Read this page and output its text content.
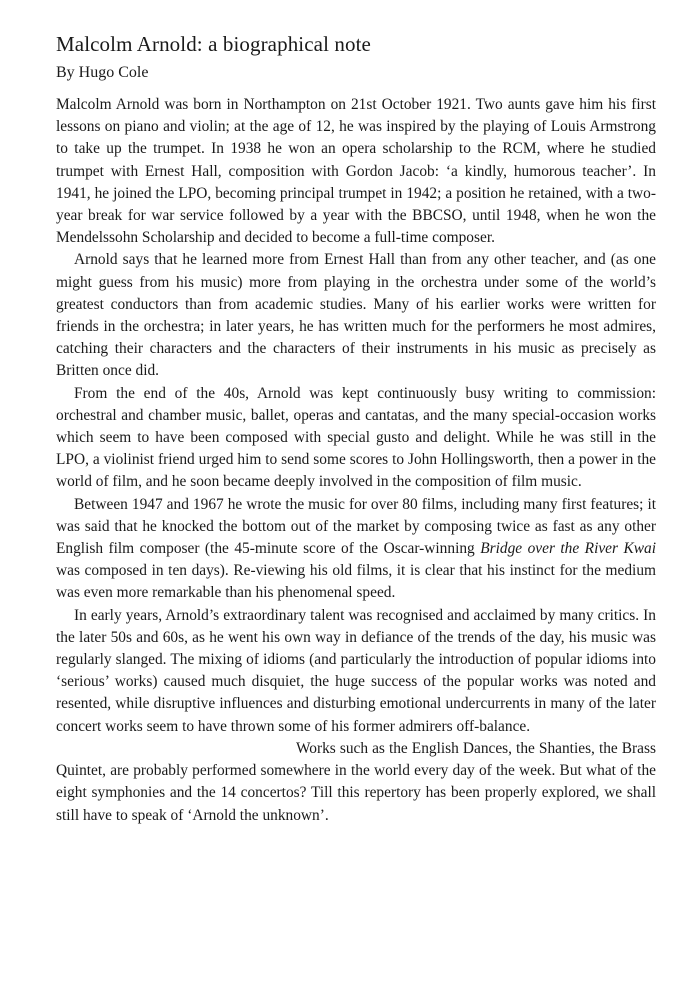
Malcolm Arnold: a biographical note
By Hugo Cole

Malcolm Arnold was born in Northampton on 21st October 1921. Two aunts gave him his first lessons on piano and violin; at the age of 12, he was inspired by the playing of Louis Armstrong to take up the trumpet. In 1938 he won an opera scholarship to the RCM, where he studied trumpet with Ernest Hall, composition with Gordon Jacob: ‘a kindly, humorous teacher’. In 1941, he joined the LPO, becoming principal trumpet in 1942; a position he retained, with a two-year break for war service followed by a year with the BBCSO, until 1948, when he won the Mendelssohn Scholarship and decided to become a full-time composer.

Arnold says that he learned more from Ernest Hall than from any other teacher, and (as one might guess from his music) more from playing in the orchestra under some of the world’s greatest conductors than from academic studies. Many of his earlier works were written for friends in the orchestra; in later years, he has written much for the performers he most admires, catching their characters and the characters of their instruments in his music as precisely as Britten once did.

From the end of the 40s, Arnold was kept continuously busy writing to commission: orchestral and chamber music, ballet, operas and cantatas, and the many special-occasion works which seem to have been composed with special gusto and delight. While he was still in the LPO, a violinist friend urged him to send some scores to John Hollingsworth, then a power in the world of film, and he soon became deeply involved in the composition of film music.

Between 1947 and 1967 he wrote the music for over 80 films, including many first features; it was said that he knocked the bottom out of the market by composing twice as fast as any other English film composer (the 45-minute score of the Oscar-winning Bridge over the River Kwai was composed in ten days). Re-viewing his old films, it is clear that his instinct for the medium was even more remarkable than his phenomenal speed.

In early years, Arnold’s extraordinary talent was recognised and acclaimed by many critics. In the later 50s and 60s, as he went his own way in defiance of the trends of the day, his music was regularly slanged. The mixing of idioms (and particularly the introduction of popular idioms into ‘serious’ works) caused much disquiet, the huge success of the popular works was noted and resented, while disruptive influences and disturbing emotional undercurrents in many of the later concert works seem to have thrown some of his former admirers off-balance.

Works such as the English Dances, the Shanties, the Brass Quintet, are probably performed somewhere in the world every day of the week. But what of the eight symphonies and the 14 concertos? Till this repertory has been properly explored, we shall still have to speak of ‘Arnold the unknown’.
